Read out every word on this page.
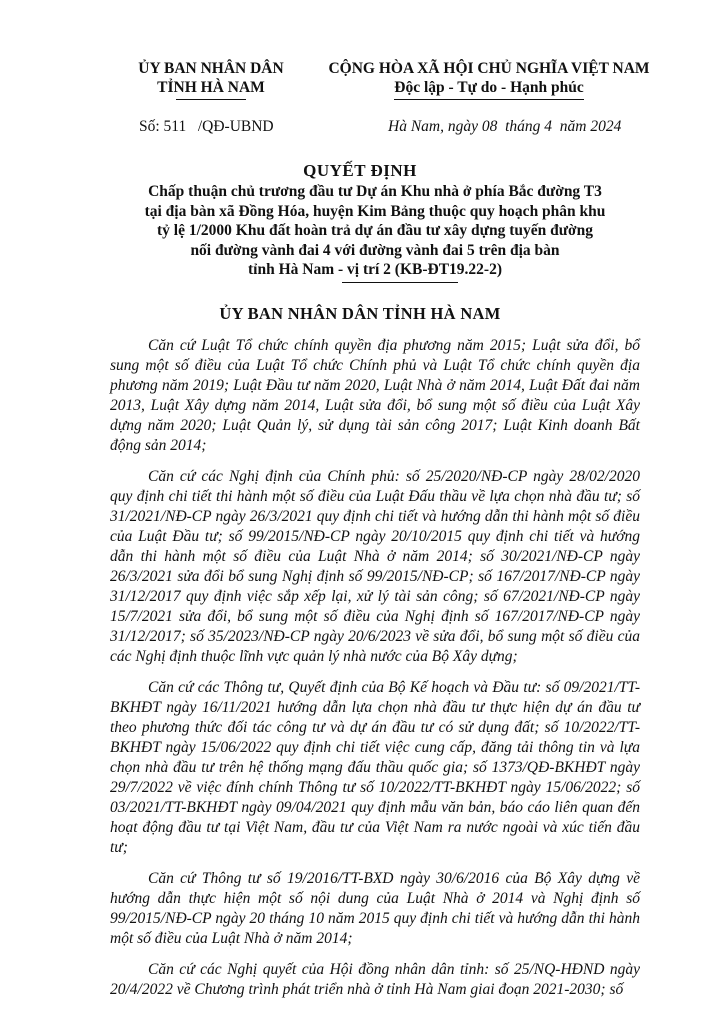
ỦY BAN NHÂN DÂN
TỈNH HÀ NAM
CỘNG HÒA XÃ HỘI CHỦ NGHĨA VIỆT NAM
Độc lập - Tự do - Hạnh phúc
Số: 511   /QĐ-UBND	Hà Nam, ngày 08  tháng 4  năm 2024
QUYẾT ĐỊNH
Chấp thuận chủ trương đầu tư Dự án Khu nhà ở phía Bắc đường T3
tại địa bàn xã Đồng Hóa, huyện Kim Bảng thuộc quy hoạch phân khu
tỷ lệ 1/2000 Khu đất hoàn trả dự án đầu tư xây dựng tuyến đường
nối đường vành đai 4 với đường vành đai 5 trên địa bàn
tỉnh Hà Nam - vị trí 2 (KB-ĐT19.22-2)
ỦY BAN NHÂN DÂN TỈNH HÀ NAM

Căn cứ Luật Tổ chức chính quyền địa phương năm 2015; Luật sửa đổi, bổ sung một số điều của Luật Tổ chức Chính phủ và Luật Tổ chức chính quyền địa phương năm 2019; Luật Đầu tư năm 2020, Luật Nhà ở năm 2014, Luật Đất đai năm 2013, Luật Xây dựng năm 2014, Luật sửa đổi, bổ sung một số điều của Luật Xây dựng năm 2020; Luật Quản lý, sử dụng tài sản công 2017; Luật Kinh doanh Bất động sản 2014;

Căn cứ các Nghị định của Chính phủ: số 25/2020/NĐ-CP ngày 28/02/2020 quy định chi tiết thi hành một số điều của Luật Đấu thầu về lựa chọn nhà đầu tư; số 31/2021/NĐ-CP ngày 26/3/2021 quy định chi tiết và hướng dẫn thi hành một số điều của Luật Đầu tư; số 99/2015/NĐ-CP ngày 20/10/2015 quy định chi tiết và hướng dẫn thi hành một số điều của Luật Nhà ở năm 2014; số 30/2021/NĐ-CP ngày 26/3/2021 sửa đổi bổ sung Nghị định số 99/2015/NĐ-CP; số 167/2017/NĐ-CP ngày 31/12/2017 quy định việc sắp xếp lại, xử lý tài sản công; số 67/2021/NĐ-CP ngày 15/7/2021 sửa đổi, bổ sung một số điều của Nghị định số 167/2017/NĐ-CP ngày 31/12/2017; số 35/2023/NĐ-CP ngày 20/6/2023 về sửa đổi, bổ sung một số điều của các Nghị định thuộc lĩnh vực quản lý nhà nước của Bộ Xây dựng;

Căn cứ các Thông tư, Quyết định của Bộ Kế hoạch và Đầu tư: số 09/2021/TT-BKHĐT ngày 16/11/2021 hướng dẫn lựa chọn nhà đầu tư thực hiện dự án đầu tư theo phương thức đối tác công tư và dự án đầu tư có sử dụng đất; số 10/2022/TT-BKHĐT ngày 15/06/2022 quy định chi tiết việc cung cấp, đăng tải thông tin và lựa chọn nhà đầu tư trên hệ thống mạng đấu thầu quốc gia; số 1373/QĐ-BKHĐT ngày 29/7/2022 về việc đính chính Thông tư số 10/2022/TT-BKHĐT ngày 15/06/2022; số 03/2021/TT-BKHĐT ngày 09/04/2021 quy định mẫu văn bản, báo cáo liên quan đến hoạt động đầu tư tại Việt Nam, đầu tư của Việt Nam ra nước ngoài và xúc tiến đầu tư;

Căn cứ Thông tư số 19/2016/TT-BXD ngày 30/6/2016 của Bộ Xây dựng về hướng dẫn thực hiện một số nội dung của Luật Nhà ở 2014 và Nghị định số 99/2015/NĐ-CP ngày 20 tháng 10 năm 2015 quy định chi tiết và hướng dẫn thi hành một số điều của Luật Nhà ở năm 2014;

Căn cứ các Nghị quyết của Hội đồng nhân dân tỉnh: số 25/NQ-HĐND ngày 20/4/2022 về Chương trình phát triển nhà ở tỉnh Hà Nam giai đoạn 2021-2030; số
